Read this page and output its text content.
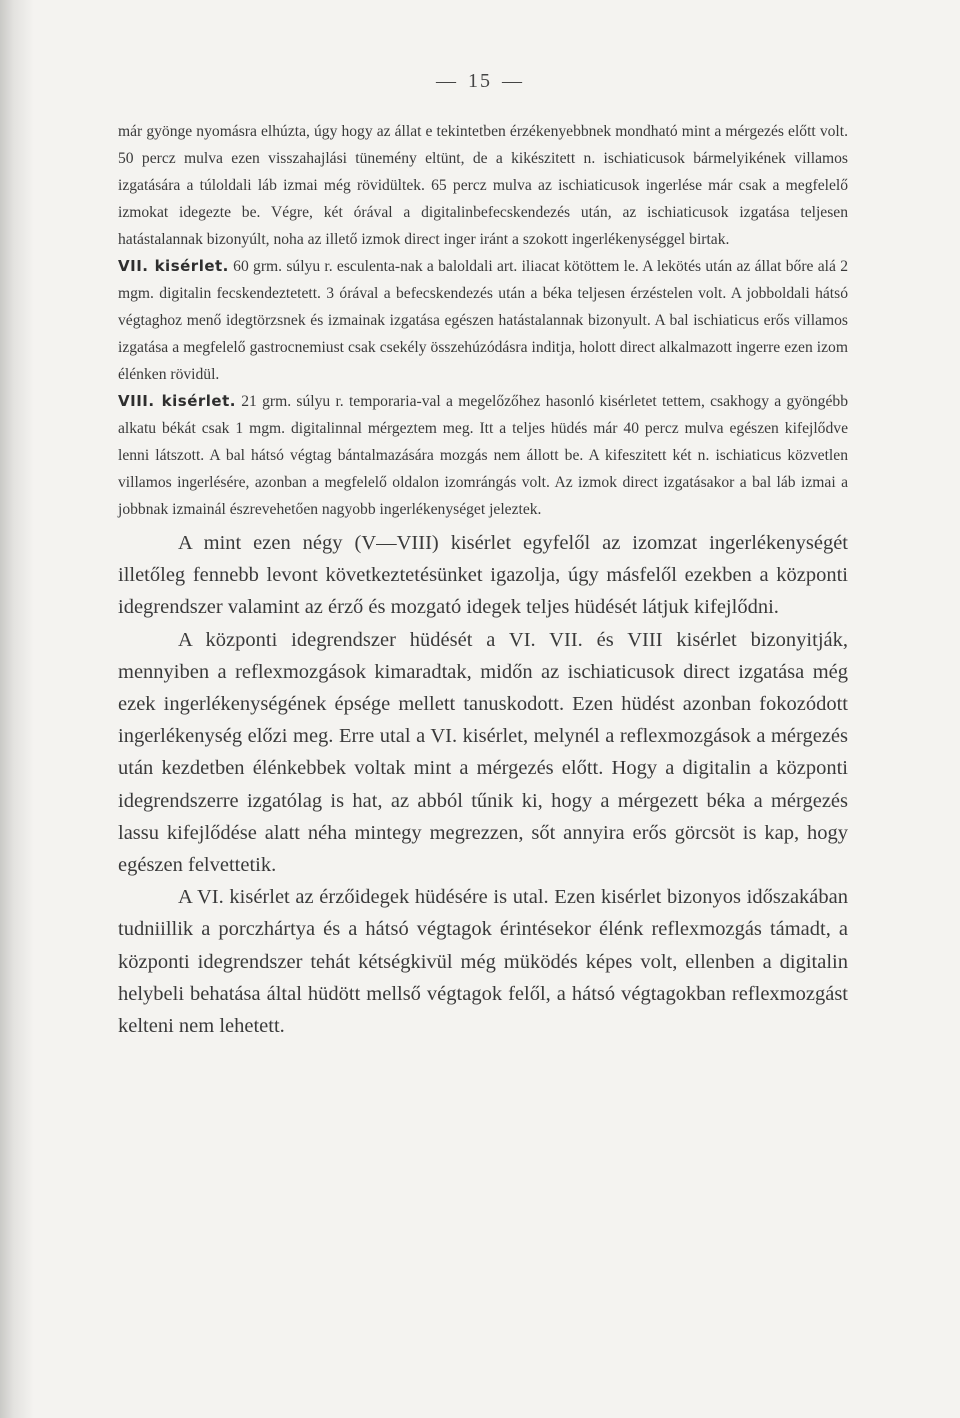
— 15 —

már gyönge nyomásra elhúzta, úgy hogy az állat e tekintetben érzékenyebbnek mondható mint a mérgezés előtt volt. 50 percz mulva ezen visszahajlási tünemény eltünt, de a kikészitett n. ischiaticusok bármelyikének villamos izgatására a túloldali láb izmai még rövidültek. 65 percz mulva az ischiaticusok ingerlése már csak a megfelelő izmokat idegezte be. Végre, két órával a digitalinbefecskendezés után, az ischiaticusok izgatása teljesen hatástalannak bizonyúlt, noha az illető izmok direct inger iránt a szokott ingerlékenységgel birtak.

VII. kisérlet. 60 grm. súlyu r. esculenta-nak a baloldali art. iliacat kötöttem le. A lekötés után az állat bőre alá 2 mgm. digitalin fecskendeztetett. 3 órával a befecskendezés után a béka teljesen érzéstelen volt. A jobboldali hátsó végtaghoz menő idegtörzsnek és izmainak izgatása egészen hatástalannak bizonyult. A bal ischiaticus erős villamos izgatása a megfelelő gastrocnemiust csak csekély összehúzódásra inditja, holott direct alkalmazott ingerre ezen izom élénken rövidül.

VIII. kisérlet. 21 grm. súlyu r. temporaria-val a megelőzőhez hasonló kisérletet tettem, csakhogy a gyöngébb alkatu békát csak 1 mgm. digitalinnal mérgeztem meg. Itt a teljes hüdés már 40 percz mulva egészen kifejlődve lenni látszott. A bal hátsó végtag bántalmazására mozgás nem állott be. A kifeszitett két n. ischiaticus közvetlen villamos ingerlésére, azonban a megfelelő oldalon izomrángás volt. Az izmok direct izgatásakor a bal láb izmai a jobbnak izmainál észrevehetően nagyobb ingerlékenységet jeleztek.

A mint ezen négy (V—VIII) kisérlet egyfelől az izomzat ingerlékenységét illetőleg fennebb levont következtetésünket igazolja, úgy másfelől ezekben a központi idegrendszer valamint az érző és mozgató idegek teljes hüdését látjuk kifejlődni.

A központi idegrendszer hüdését a VI. VII. és VIII kisérlet bizonyitják, mennyiben a reflexmozgások kimaradtak, midőn az ischiaticusok direct izgatása még ezek ingerlékenységének épsége mellett tanuskodott. Ezen hüdést azonban fokozódott ingerlékenység előzi meg. Erre utal a VI. kisérlet, melynél a reflexmozgások a mérgezés után kezdetben élénkebbek voltak mint a mérgezés előtt. Hogy a digitalin a központi idegrendszerre izgatólag is hat, az abból tűnik ki, hogy a mérgezett béka a mérgezés lassu kifejlődése alatt néha mintegy megrezzen, sőt annyira erős görcsöt is kap, hogy egészen felvettetik.

A VI. kisérlet az érzőidegek hüdésére is utal. Ezen kisérlet bizonyos időszakában tudniillik a porczhártya és a hátsó végtagok érintésekor élénk reflexmozgás támadt, a központi idegrendszer tehát kétségkivül még müködés képes volt, ellenben a digitalin helybeli behatása által hüdött mellső végtagok felől, a hátsó végtagokban reflexmozgást kelteni nem lehetett.
